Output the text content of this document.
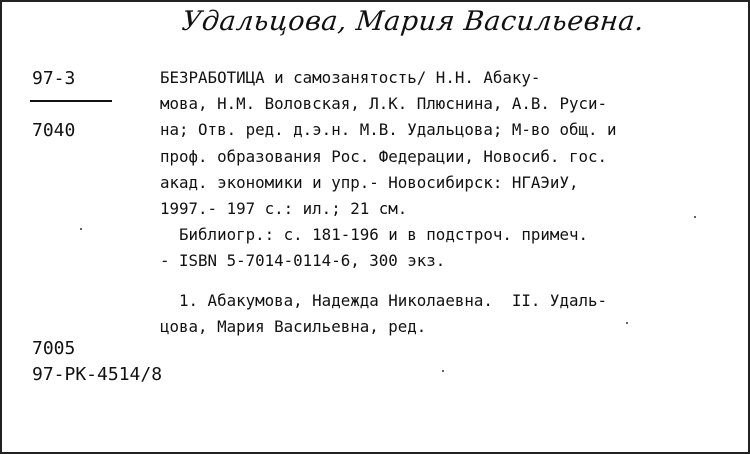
Удальцова, Мария Васильевна.
97-3
7040

БЕЗРАБОТИЦА и самозанятость/ Н.Н. Абаку-

мова, Н.М. Воловская, Л.К. Плюснина, А.В. Руси-

на; Отв. ред. д.э.н. М.В. Удальцова; М-во общ. и

проф. образования Рос. Федерации, Новосиб. гос.

акад. экономики и упр.- Новосибирск: НГАЭиУ,

1997.- 197 с.: ил.; 21 см.

Библиогр.: с. 181-196 и в подстроч. примеч.

- ISBN 5-7014-0114-6, 300 экз.

1. Абакумова, Надежда Николаевна.  II. Удаль-

цова, Мария Васильевна, ред.

7005
97-РК-4514/8
